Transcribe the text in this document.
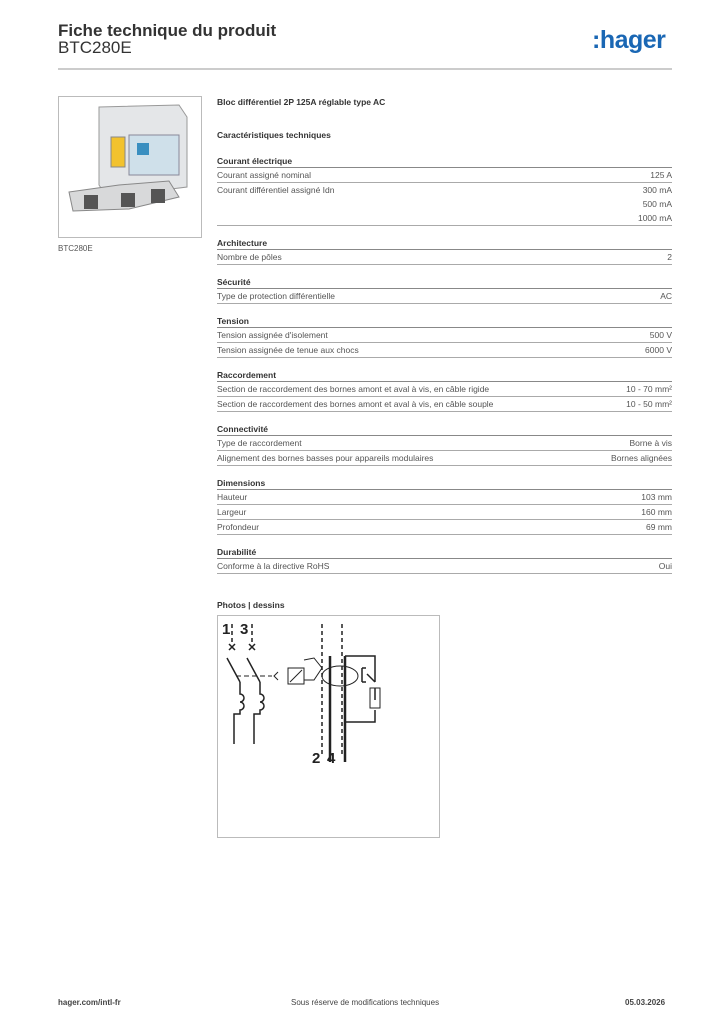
Fiche technique du produit
BTC280E	:hager
BTC280E
Bloc différentiel 2P 125A réglable type AC
Caractéristiques techniques
Courant électrique
Courant assigné nominal	125 A
Courant différentiel assigné Idn	300 mA
500 mA
1000 mA
Architecture
Nombre de pôles	2
Sécurité
Type de protection différentielle	AC
Tension
Tension assignée d'isolement	500 V
Tension assignée de tenue aux chocs	6000 V
Raccordement
Section de raccordement des bornes amont et aval à vis, en câble rigide	10 - 70 mm²
Section de raccordement des bornes amont et aval à vis, en câble souple	10 - 50 mm²
Connectivité
Type de raccordement	Borne à vis
Alignement des bornes basses pour appareils modulaires	Bornes alignées
Dimensions
Hauteur	103 mm
Largeur	160 mm
Profondeur	69 mm
Durabilité
Conforme à la directive RoHS	Oui
Photos | dessins
1 3
2 4
hager.com/intl-fr	Sous réserve de modifications techniques	05.03.2026
